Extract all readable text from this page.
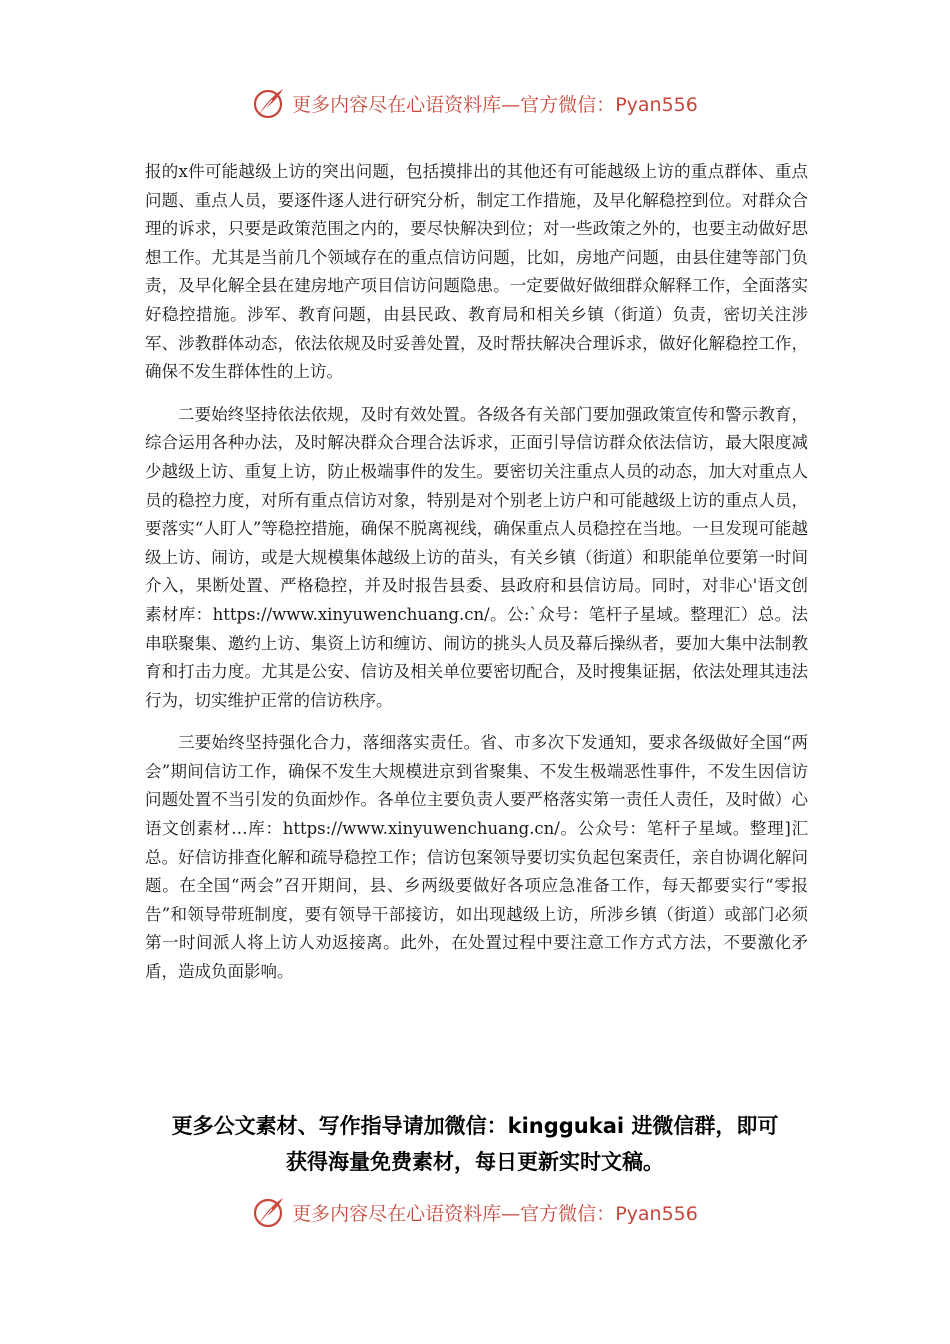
更多内容尽在心语资料库—官方微信：Pyan556

报的x件可能越级上访的突出问题，包括摸排出的其他还有可能越级上访的重点群体、重点问题、重点人员，要逐件逐人进行研究分析，制定工作措施，及早化解稳控到位。对群众合理的诉求，只要是政策范围之内的，要尽快解决到位；对一些政策之外的，也要主动做好思想工作。尤其是当前几个领域存在的重点信访问题，比如，房地产问题，由县住建等部门负责，及早化解全县在建房地产项目信访问题隐患。一定要做好做细群众解释工作，全面落实好稳控措施。涉军、教育问题，由县民政、教育局和相关乡镇（街道）负责，密切关注涉军、涉教群体动态，依法依规及时妥善处置，及时帮扶解决合理诉求，做好化解稳控工作，确保不发生群体性的上访。

二要始终坚持依法依规，及时有效处置。各级各有关部门要加强政策宣传和警示教育，综合运用各种办法，及时解决群众合理合法诉求，正面引导信访群众依法信访，最大限度减少越级上访、重复上访，防止极端事件的发生。要密切关注重点人员的动态，加大对重点人员的稳控力度，对所有重点信访对象，特别是对个别老上访户和可能越级上访的重点人员，要落实“人盯人”等稳控措施，确保不脱离视线，确保重点人员稳控在当地。一旦发现可能越级上访、闹访，或是大规模集体越级上访的苗头，有关乡镇（街道）和职能单位要第一时间介入，果断处置、严格稳控，并及时报告县委、县政府和县信访局。同时，对非心'语文创素材库：https://www.xinyuwenchuang.cn/。公:`众号：笔杆子星域。整理汇）总。法串联聚集、邀约上访、集资上访和缠访、闹访的挑头人员及幕后操纵者，要加大集中法制教育和打击力度。尤其是公安、信访及相关单位要密切配合，及时搜集证据，依法处理其违法行为，切实维护正常的信访秩序。

三要始终坚持强化合力，落细落实责任。省、市多次下发通知，要求各级做好全国“两会”期间信访工作，确保不发生大规模进京到省聚集、不发生极端恶性事件，不发生因信访问题处置不当引发的负面炒作。各单位主要负责人要严格落实第一责任人责任，及时做）心语文创素材…库：https://www.xinyuwenchuang.cn/。公众号：笔杆子星域。整理]汇总。好信访排查化解和疏导稳控工作；信访包案领导要切实负起包案责任，亲自协调化解问题。在全国“两会”召开期间，县、乡两级要做好各项应急准备工作，每天都要实行“零报告”和领导带班制度，要有领导干部接访，如出现越级上访，所涉乡镇（街道）或部门必须第一时间派人将上访人劝返接离。此外，在处置过程中要注意工作方式方法，不要激化矛盾，造成负面影响。

更多公文素材、写作指导请加微信：kinggukai 进微信群，即可
获得海量免费素材，每日更新实时文稿。
更多内容尽在心语资料库—官方微信：Pyan556
